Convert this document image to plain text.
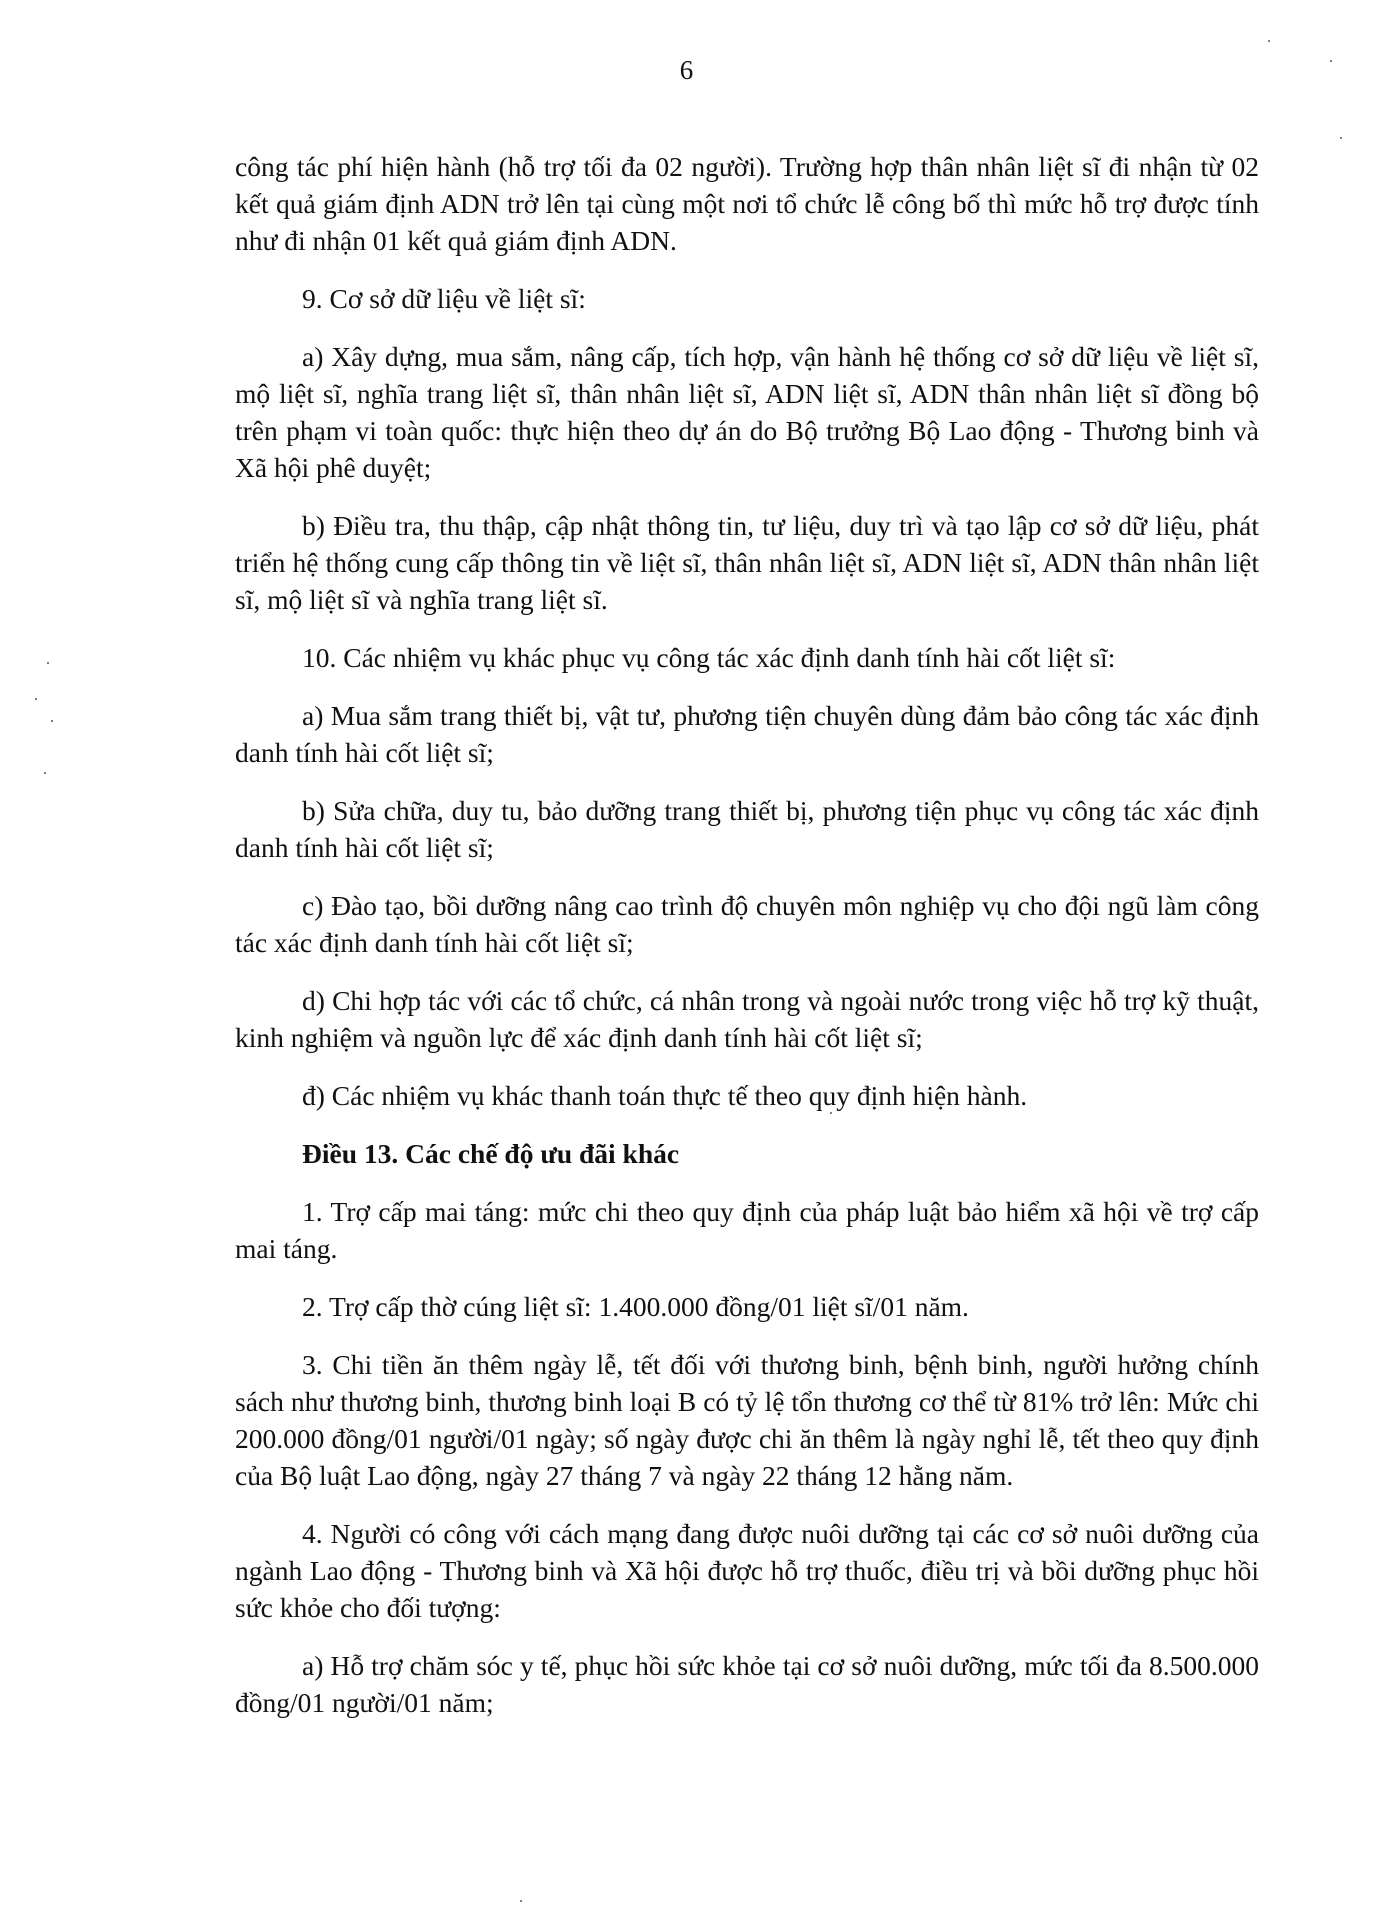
6

công tác phí hiện hành (hỗ trợ tối đa 02 người). Trường hợp thân nhân liệt sĩ đi nhận từ 02 kết quả giám định ADN trở lên tại cùng một nơi tổ chức lễ công bố thì mức hỗ trợ được tính như đi nhận 01 kết quả giám định ADN.

9. Cơ sở dữ liệu về liệt sĩ:

a) Xây dựng, mua sắm, nâng cấp, tích hợp, vận hành hệ thống cơ sở dữ liệu về liệt sĩ, mộ liệt sĩ, nghĩa trang liệt sĩ, thân nhân liệt sĩ, ADN liệt sĩ, ADN thân nhân liệt sĩ đồng bộ trên phạm vi toàn quốc: thực hiện theo dự án do Bộ trưởng Bộ Lao động - Thương binh và Xã hội phê duyệt;

b) Điều tra, thu thập, cập nhật thông tin, tư liệu, duy trì và tạo lập cơ sở dữ liệu, phát triển hệ thống cung cấp thông tin về liệt sĩ, thân nhân liệt sĩ, ADN liệt sĩ, ADN thân nhân liệt sĩ, mộ liệt sĩ và nghĩa trang liệt sĩ.

10. Các nhiệm vụ khác phục vụ công tác xác định danh tính hài cốt liệt sĩ:

a) Mua sắm trang thiết bị, vật tư, phương tiện chuyên dùng đảm bảo công tác xác định danh tính hài cốt liệt sĩ;

b) Sửa chữa, duy tu, bảo dưỡng trang thiết bị, phương tiện phục vụ công tác xác định danh tính hài cốt liệt sĩ;

c) Đào tạo, bồi dưỡng nâng cao trình độ chuyên môn nghiệp vụ cho đội ngũ làm công tác xác định danh tính hài cốt liệt sĩ;

d) Chi hợp tác với các tổ chức, cá nhân trong và ngoài nước trong việc hỗ trợ kỹ thuật, kinh nghiệm và nguồn lực để xác định danh tính hài cốt liệt sĩ;

đ) Các nhiệm vụ khác thanh toán thực tế theo quy định hiện hành.

Điều 13. Các chế độ ưu đãi khác

1. Trợ cấp mai táng: mức chi theo quy định của pháp luật bảo hiểm xã hội về trợ cấp mai táng.

2. Trợ cấp thờ cúng liệt sĩ: 1.400.000 đồng/01 liệt sĩ/01 năm.

3. Chi tiền ăn thêm ngày lễ, tết đối với thương binh, bệnh binh, người hưởng chính sách như thương binh, thương binh loại B có tỷ lệ tổn thương cơ thể từ 81% trở lên: Mức chi 200.000 đồng/01 người/01 ngày; số ngày được chi ăn thêm là ngày nghỉ lễ, tết theo quy định của Bộ luật Lao động, ngày 27 tháng 7 và ngày 22 tháng 12 hằng năm.

4. Người có công với cách mạng đang được nuôi dưỡng tại các cơ sở nuôi dưỡng của ngành Lao động - Thương binh và Xã hội được hỗ trợ thuốc, điều trị và bồi dưỡng phục hồi sức khỏe cho đối tượng:

a) Hỗ trợ chăm sóc y tế, phục hồi sức khỏe tại cơ sở nuôi dưỡng, mức tối đa 8.500.000 đồng/01 người/01 năm;
